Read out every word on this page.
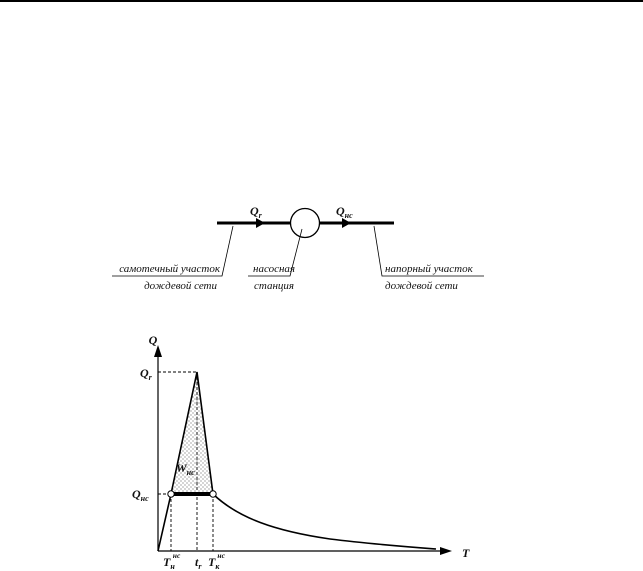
$Q_r$	$Q_{нс}$
самотечный участок
дождевой сети
насосная
станция
напорный участок
дождевой сети
Q
T
$Q_r$
$Q_{нс}$
$W_{нс}$
$T_ннс$ $t_r$ $T_кнс$
